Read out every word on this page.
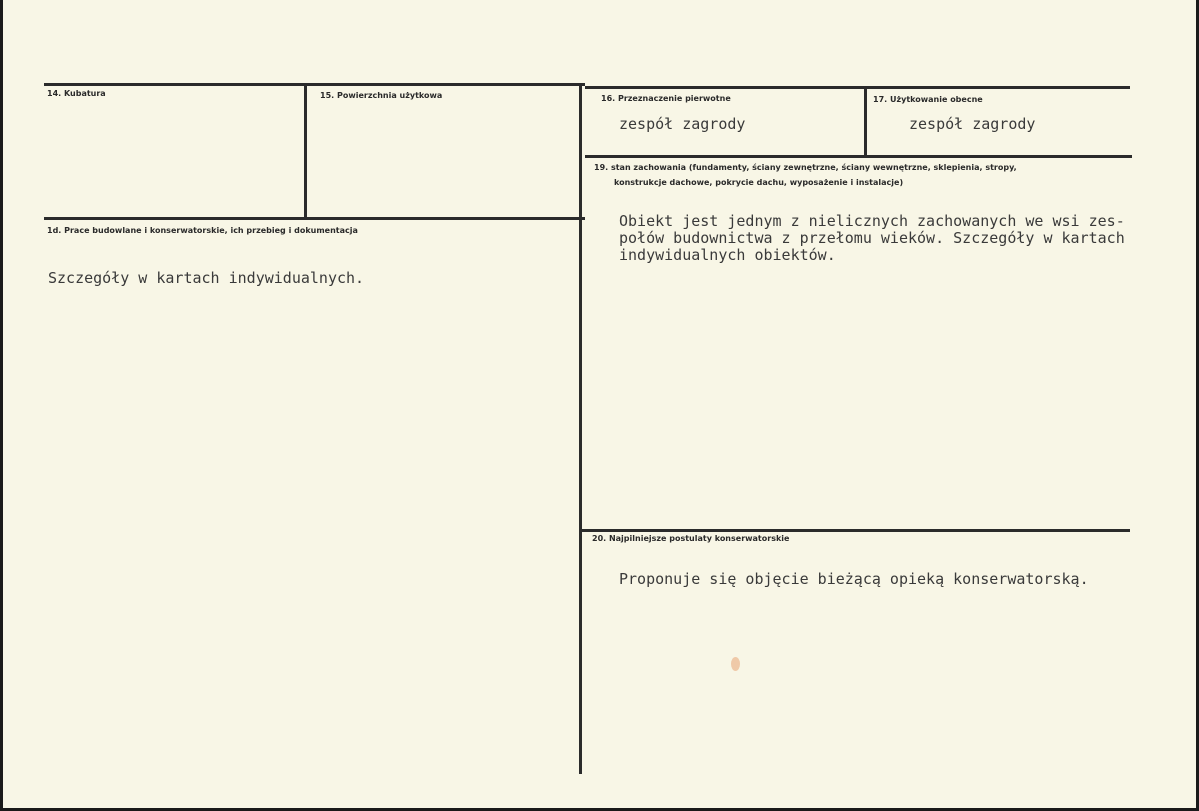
14. Kubatura	15. Powierzchnia użytkowa	16. Przeznaczenie pierwotne
zespół zagrody
17. Użytkowanie obecne
zespół zagrody
1d. Prace budowlane i konserwatorskie, ich przebieg i dokumentacja
Szczegóły w kartach indywidualnych.
19. stan zachowania (fundamenty, ściany zewnętrzne, ściany wewnętrzne, sklepienia, stropy,
konstrukcje dachowe, pokrycie dachu, wyposażenie i instalacje)
Obiekt jest jednym z nielicznych zachowanych we wsi zes-
połów budownictwa z przełomu wieków. Szczegóły w kartach
indywidualnych obiektów.
20. Najpilniejsze postulaty konserwatorskie
Proponuje się objęcie bieżącą opieką konserwatorską.
